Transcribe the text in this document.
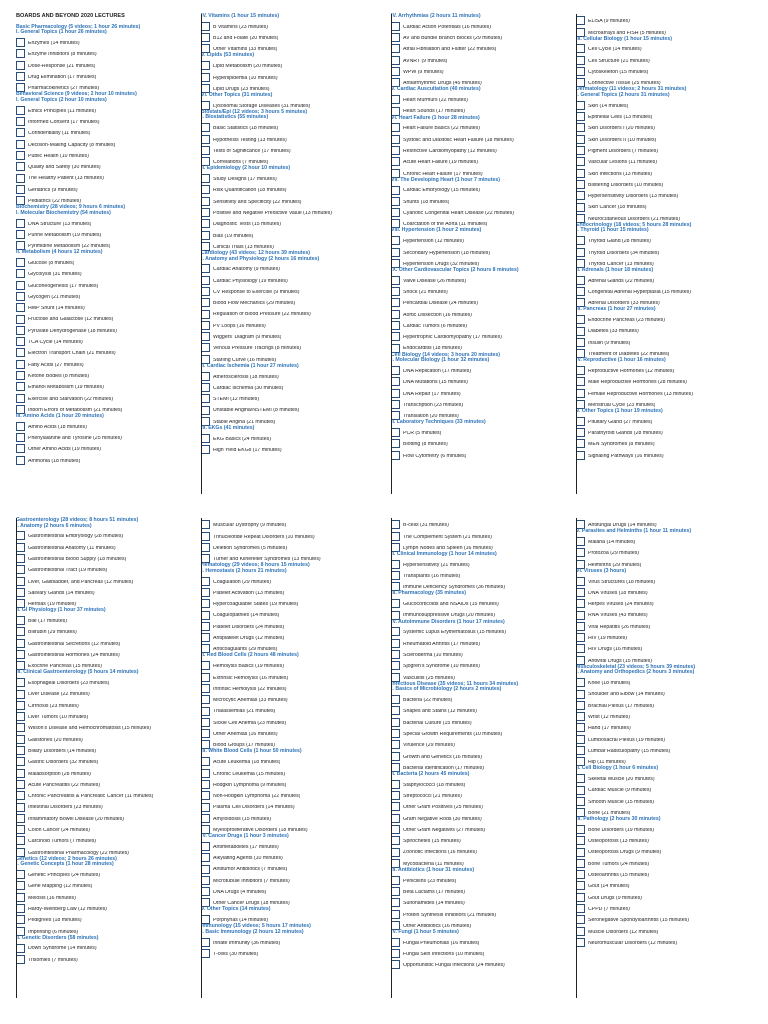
BOARDS AND BEYOND 2020 LECTURES
Basic Pharmacology (5 videos; 1 hour 26 minutes)
I. General Topics (1 hour 26 minutes)
Enzymes (14 minutes)
Enzyme Inhibitors (8 minutes)
Dose-Response (21 minutes)
Drug Elimination (17 minutes)
Pharmacokinetics (27 minutes)
Behavioral Science (9 videos; 2 hour 10 minutes)
I. General Topics (2 hour 10 minutes)
Ethics Principles (11 minutes)
Informed Consent (17 minutes)
Confidentiality (11 minutes)
Decision-Making Capacity (8 minutes)
Public Health (10 minutes)
Quality and Safety (30 minutes)
The Healthy Patient (13 minutes)
Geriatrics (9 minutes)
Pediatrics (22 minutes)
Biochemistry (28 videos; 9 hours 6 minutes)
I. Molecular Biochemistry (54 minutes)
DNA Structure (13 minutes)
Purine Metabolism (19 minutes)
Pyrimidine Metabolism (22 minutes)
II. Metabolism (4 hours 12 minutes)
Glucose (8 minutes)
Glycolysis (31 minutes)
Gluconeogenesis (17 minutes)
Glycogen (21 minutes)
HMP Shunt (14 minutes)
Fructose and Galactose (12 minutes)
Pyruvate Dehydrogenase (18 minutes)
TCA Cycle (14 minutes)
Electron Transport Chain (21 minutes)
Fatty Acids (27 minutes)
Ketone Bodies (8 minutes)
Ethanol Metabolism (19 minutes)
Exercise and Starvation (22 minutes)
Inborn Errors of Metabolism (21 minutes)
III. Amino Acids (1 hour 20 minutes)
Amino Acids (18 minutes)
Phenylalanine and Tyrosine (25 minutes)
Other Amino Acids (19 minutes)
Ammonia (18 minutes)
IV. Vitamins (1 hour 15 minutes)
B Vitamins (23 minutes)
B12 and Folate (20 minutes)
Other Vitamins (33 minutes)
V. Lipids (53 minutes)
Lipid Metabolism (20 minutes)
Hyperlipidemia (10 minutes)
Lipid Drugs (23 minutes)
VI. Other Topics (31 minutes)
Lysosomal Storage Diseases (31 minutes)
Biostats/Epi (12 videos; 3 hours 5 minutes)
I. Biostatistics (55 minutes)
Basic Statistics (18 minutes)
Hypothesis Testing (13 minutes)
Tests of Significance (17 minutes)
Correlations (7 minutes)
II. Epidemiology (2 hour 10 minutes)
Study Designs (17 minutes)
Risk Quantification (18 minutes)
Sensitivity and Specificity (22 minutes)
Positive and Negative Predictive Value (13 minutes)
Diagnostic Tests (15 minutes)
Bias (19 minutes)
Clinical Trials (13 minutes)
Cardiology (43 videos; 12 hours 39 minutes)
I. Anatomy and Physiology (2 hours 16 minutes)
Cardiac Anatomy (9 minutes)
Cardiac Physiology (19 minutes)
CV Response to Exercise (9 minutes)
Blood Flow Mechanics (29 minutes)
Regulation of Blood Pressure (22 minutes)
PV Loops (16 minutes)
Wiggers' Diagram (9 minutes)
Venous Pressure Tracings (8 minutes)
Starling Curve (16 minutes)
II. Cardiac Ischemia (1 hour 27 minutes)
Atherosclerosis (18 minutes)
Cardiac Ischemia (30 minutes)
STEMI (12 minutes)
Unstable Angina/NSTEMI (8 minutes)
Stable Angina (21 minutes)
III. EKGs (41 minutes)
EKG Basics (24 minutes)
High Yield EKGs (17 minutes)
IV. Arrhythmias (2 hours 11 minutes)
Cardiac Action Potentials (16 minutes)
AV and Bundle Branch Blocks (29 minutes)
Atrial Fibrillation and Flutter (22 minutes)
AVNRT (9 minutes)
WPW (9 minutes)
Antiarrhythmic Drugs (45 minutes)
V. Cardiac Auscultation (40 minutes)
Heart Murmurs (22 minutes)
Heart Sounds (17 minutes)
VI. Heart Failure (1 hour 28 minutes)
Heart Failure Basics (22 minutes)
Systolic and Diastolic Heart Failure (18 minutes)
Restrictive Cardiomyopathy (12 minutes)
Acute Heart Failure (19 minutes)
Chronic Heart Failure (17 minutes)
VII. The Developing Heart (1 hour 7 minutes)
Cardiac Embryology (15 minutes)
Shunts (18 minutes)
Cyanotic Congenital Heart Disease (22 minutes)
Coarctation of the Aorta (11 minutes)
VIII. Hypertension (1 hour 2 minutes)
Hypertension (12 minutes)
Secondary Hypertension (18 minutes)
Hypertension Drugs (32 minutes)
IX. Other Cardiovascular Topics (2 hours 8 minutes)
Valve Disease (26 minutes)
Shock (21 minutes)
Pericardial Disease (24 minutes)
Aortic Dissection (16 minutes)
Cardiac Tumors (6 minutes)
Hypertrophic Cardiomyopathy (17 minutes)
Endocarditis (18 minutes)
Cell Biology (14 videos; 3 hours 20 minutes)
I. Molecular Biology (1 hour 32 minutes)
DNA Replication (17 minutes)
DNA Mutations (15 minutes)
DNA Repair (17 minutes)
Transcription (23 minutes)
Translation (20 minutes)
II. Laboratory Techniques (33 minutes)
PCR (5 minutes)
Blotting (8 minutes)
Flow Cytometry (6 minutes)
ELISA (9 minutes)
Microarrays and FISH (5 minutes)
III. Cellular Biology (1 hour 15 minutes)
Cell Cycle (14 minutes)
Cell Structure (21 minutes)
Cytoskeleton (15 minutes)
Connective Tissue (25 minutes)
Dermatology (11 videos; 2 hours 31 minutes)
I. General Topics (2 hours 31 minutes)
Skin (14 minutes)
Epithelial Cells (13 minutes)
Skin Disorders I (20 minutes)
Skin Disorders II (10 minutes)
Pigment Disorders (7 minutes)
Vascular Lesions (11 minutes)
Skin Infections (13 minutes)
Blistering Disorders (10 minutes)
Hypersensitivity Disorders (13 minutes)
Skin Cancer (18 minutes)
Neurocutaneous Disorders (21 minutes)
Endocrinology (18 videos; 5 hours 28 minutes)
I. Thyroid (1 hour 15 minutes)
Thyroid Gland (28 minutes)
Thyroid Disorders (34 minutes)
Thyroid Cancer (13 minutes)
II. Adrenals (1 hour 18 minutes)
Adrenal Glands (22 minutes)
Congenital Adrenal Hyperplasia (15 minutes)
Adrenal Disorders (33 minutes)
III. Pancreas (1 hour 27 minutes)
Endocrine Pancreas (23 minutes)
Diabetes (33 minutes)
Insulin (9 minutes)
Treatment of Diabetes (22 minutes)
IV. Reproductive (1 hour 16 minutes)
Reproductive Hormones (12 minutes)
Male Reproductive Hormones (28 minutes)
Female Reproductive Hormones (13 minutes)
Menstrual Cycle (23 minutes)
V. Other Topics (1 hour 19 minutes)
Pituitary Gland (27 minutes)
Parathyroid Glands (28 minutes)
MEN Syndromes (8 minutes)
Signaling Pathways (16 minutes)
Gastroenterology (28 videos; 8 hours 51 minutes)
I. Anatomy (2 hours 6 minutes)
Gastrointestinal Embryology (28 minutes)
Gastrointestinal Anatomy (11 minutes)
Gastrointestinal Blood Supply (18 minutes)
Gastrointestinal Tract (19 minutes)
Liver, Gallbladder, and Pancreas (12 minutes)
Salivary Glands (14 minutes)
Hernias (19 minutes)
II. GI Physiology (1 hour 37 minutes)
Bile (17 minutes)
Bilirubin (29 minutes)
Gastrointestinal Secretions (12 minutes)
Gastrointestinal Hormones (24 minutes)
Exocrine Pancreas (15 minutes)
III. Clinical Gastroenterology (5 hours 14 minutes)
Esophageal Disorders (23 minutes)
Liver Disease (22 minutes)
Cirrhosis (23 minutes)
Liver Tumors (10 minutes)
Wilson's Disease and Hemochromatosis (15 minutes)
Gallstones (20 minutes)
Biliary Disorders (14 minutes)
Gastric Disorders (32 minutes)
Malabsorption (28 minutes)
Acute Pancreatitis (22 minutes)
Chronic Pancreatitis & Pancreatic Cancer (11 minutes)
Intestinal Disorders (23 minutes)
Inflammatory Bowel Disease (20 minutes)
Colon Cancer (24 minutes)
Carcinoid Tumors (7 minutes)
Gastrointestinal Pharmacology (22 minutes)
Genetics (12 videos; 2 hours 26 minutes)
I. Genetic Concepts (1 hour 28 minutes)
Genetic Principles (24 minutes)
Gene Mapping (12 minutes)
Meiosis (16 minutes)
Hardy-Weinberg Law (12 minutes)
Pedigrees (18 minutes)
Imprinting (6 minutes)
II. Genetic Disorders (58 minutes)
Down Syndrome (14 minutes)
Trisomies (7 minutes)
Muscular Dystrophy (9 minutes)
Trinucleotide Repeat Disorders (10 minutes)
Deletion Syndromes (5 minutes)
Turner and Klinefelter Syndromes (13 minutes)
Hematology (29 videos; 8 hours 15 minutes)
I. Hemostasis (2 hours 21 minutes)
Coagulation (29 minutes)
Platelet Activation (13 minutes)
Hypercoagulable States (19 minutes)
Coagulopathies (14 minutes)
Platelet Disorders (24 minutes)
Antiplatelet Drugs (12 minutes)
Anticoagulants (29 minutes)
II. Red Blood Cells (2 hours 48 minutes)
Hemolysis Basics (19 minutes)
Extrinsic Hemolysis (16 minutes)
Intrinsic Hemolysis (22 minutes)
Microcytic Anemias (33 minutes)
Thalassemias (21 minutes)
Sickle Cell Anemia (23 minutes)
Other Anemias (16 minutes)
Blood Groups (17 minutes)
III. White Blood Cells (1 hour 50 minutes)
Acute Leukemia (18 minutes)
Chronic Leukemia (15 minutes)
Hodgkin Lymphoma (9 minutes)
Non-Hodgkin Lymphoma (22 minutes)
Plasma Cell Disorders (14 minutes)
Amyloidosis (15 minutes)
Myeloproliferative Disorders (18 minutes)
IV. Cancer Drugs (1 hour 3 minutes)
Antimetabolites (17 minutes)
Alkylating Agents (10 minutes)
Antitumor Antibiotics (7 minutes)
Microtubule Inhibitors (7 minutes)
DNA Drugs (4 minutes)
Other Cancer Drugs (18 minutes)
V. Other Topics (14 minutes)
Porphyrias (14 minutes)
Immunology (15 videos; 5 hours 17 minutes)
I. Basic Immunology (2 hours 12 minutes)
Innate Immunity (36 minutes)
T-cells (30 minutes)
B-cells (31 minutes)
The Complement System (21 minutes)
Lymph Nodes and Spleen (16 minutes)
II. Clinical Immunology (1 hour 14 minutes)
Hypersensitivity (21 minutes)
Transplants (16 minutes)
Immune Deficiency Syndromes (36 minutes)
III. Pharmacology (35 minutes)
Glucocorticoids and NSAIDs (15 minutes)
Immunosuppressive Drugs (20 minutes)
IV. Autoimmune Disorders (1 hour 17 minutes)
Systemic Lupus Erythematosus (15 minutes)
Rheumatoid Arthritis (17 minutes)
Scleroderma (10 minutes)
Sjogren's Syndrome (10 minutes)
Vasculitis (25 minutes)
Infectious Disease (35 videos; 11 hours 34 minutes)
I. Basics of Microbiology (2 hours 2 minutes)
Bacteria (22 minutes)
Shapes and Stains (12 minutes)
Bacterial Culture (15 minutes)
Special Growth Requirements (10 minutes)
Virulence (29 minutes)
Growth and Genetics (16 minutes)
Bacterial Identification (17 minutes)
II. Bacteria (2 hours 45 minutes)
Staphylococci (18 minutes)
Streptococci (21 minutes)
Other Gram Positives (25 minutes)
Gram Negative Rods (30 minutes)
Other Gram Negatives (27 minutes)
Spirochetes (15 minutes)
Zoonotic Infections (16 minutes)
Mycobacteria (11 minutes)
III. Antibiotics (1 hour 31 minutes)
Penicillins (23 minutes)
Beta Lactams (17 minutes)
Sulfonamides (14 minutes)
Protein Synthesis Inhibitors (21 minutes)
Other Antibiotics (16 minutes)
IV. Fungi (1 hour 5 minutes)
Fungal Pneumonias (16 minutes)
Fungal Skin Infections (10 minutes)
Opportunistic Fungal Infections (24 minutes)
Antifungal Drugs (14 minutes)
V. Parasites and Helminths (1 hour 11 minutes)
Malaria (14 minutes)
Protozoa (29 minutes)
Helminths (29 minutes)
VI. Viruses (3 hours)
Virus Structures (18 minutes)
DNA Viruses (18 minutes)
Herpes Viruses (24 minutes)
RNA Viruses (43 minutes)
Viral Hepatitis (26 minutes)
HIV (19 minutes)
HIV Drugs (16 minutes)
Antiviral Drugs (15 minutes)
Musculoskeletal (23 videos; 5 hours 39 minutes)
I. Anatomy and Orthopedics (2 hours 3 minutes)
Knee (18 minutes)
Shoulder and Elbow (14 minutes)
Brachial Plexus (17 minutes)
Wrist (12 minutes)
Hand (17 minutes)
Lumbosacral Plexus (19 minutes)
Lumbar Radiculopathy (15 minutes)
Hip (11 minutes)
II. Cell Biology (1 hour 6 minutes)
Skeletal Muscle (20 minutes)
Cardiac Muscle (9 minutes)
Smooth Muscle (15 minutes)
Bone (21 minutes)
III. Pathology (2 hours 30 minutes)
Bone Disorders (19 minutes)
Osteoporosis (13 minutes)
Osteoporosis Drugs (9 minutes)
Bone Tumors (24 minutes)
Osteoarthritis (15 minutes)
Gout (14 minutes)
Gout Drugs (9 minutes)
CPPD (7 minutes)
Seronegative Spondyloarthritis (15 minutes)
Muscle Disorders (12 minutes)
Neuromuscular Disorders (12 minutes)
